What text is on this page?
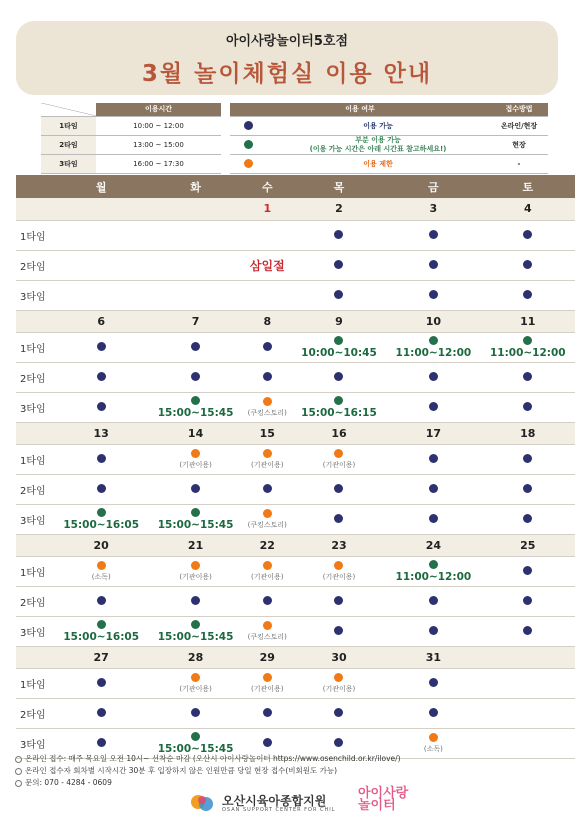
아이사랑놀이터5호점
3월 놀이체험실 이용 안내
	이용시간
1타임	10:00 ~ 12:00
2타임	13:00 ~ 15:00
3타임	16:00 ~ 17:30
이용 여부		접수방법
	이용 가능	온라인/현장

	부분 이용 가능
(이용 가능 시간은 아래 시간표 참고하세요!)	현장
	이용 제한	-
	월	화	수	목	금	토
			1	2	3	4
1타임						
2타임			삼일절			
3타임						
	6	7	8	9	10	11
1타임				10:00~10:45	11:00~12:00	11:00~12:00

2타임						
3타임		15:00~15:45	(쿠킹스토리)	15:00~16:15		

	13	14	15	16	17	18
1타임		(기관이용)	(기관이용)	(기관이용)		

2타임						
3타임	15:00~16:05	15:00~15:45	(쿠킹스토리)			

	20	21	22	23	24	25
1타임	(소독)	(기관이용)	(기관이용)	(기관이용)	11:00~12:00	

2타임						
3타임	15:00~16:05	15:00~15:45	(쿠킹스토리)			

	27	28	29	30	31	
1타임		(기관이용)	(기관이용)	(기관이용)		

2타임						
3타임		15:00~15:45			(소독)	

온라인 접수: 매주 목요일 오전 10시~ 선착순 마감 (오산시 아이사랑놀이터 https://www.osenchild.or.kr/ilove/)
온라인 접수자 회차별 시작시간 30분 후 입장하지 않은 인원만큼 당일 현장 접수(비회원도 가능)
문의: 070 - 4284 - 0609
오산시육아종합지원
OSAN SUPPORT CENTER FOR CHIL
아이사랑
놀이터
